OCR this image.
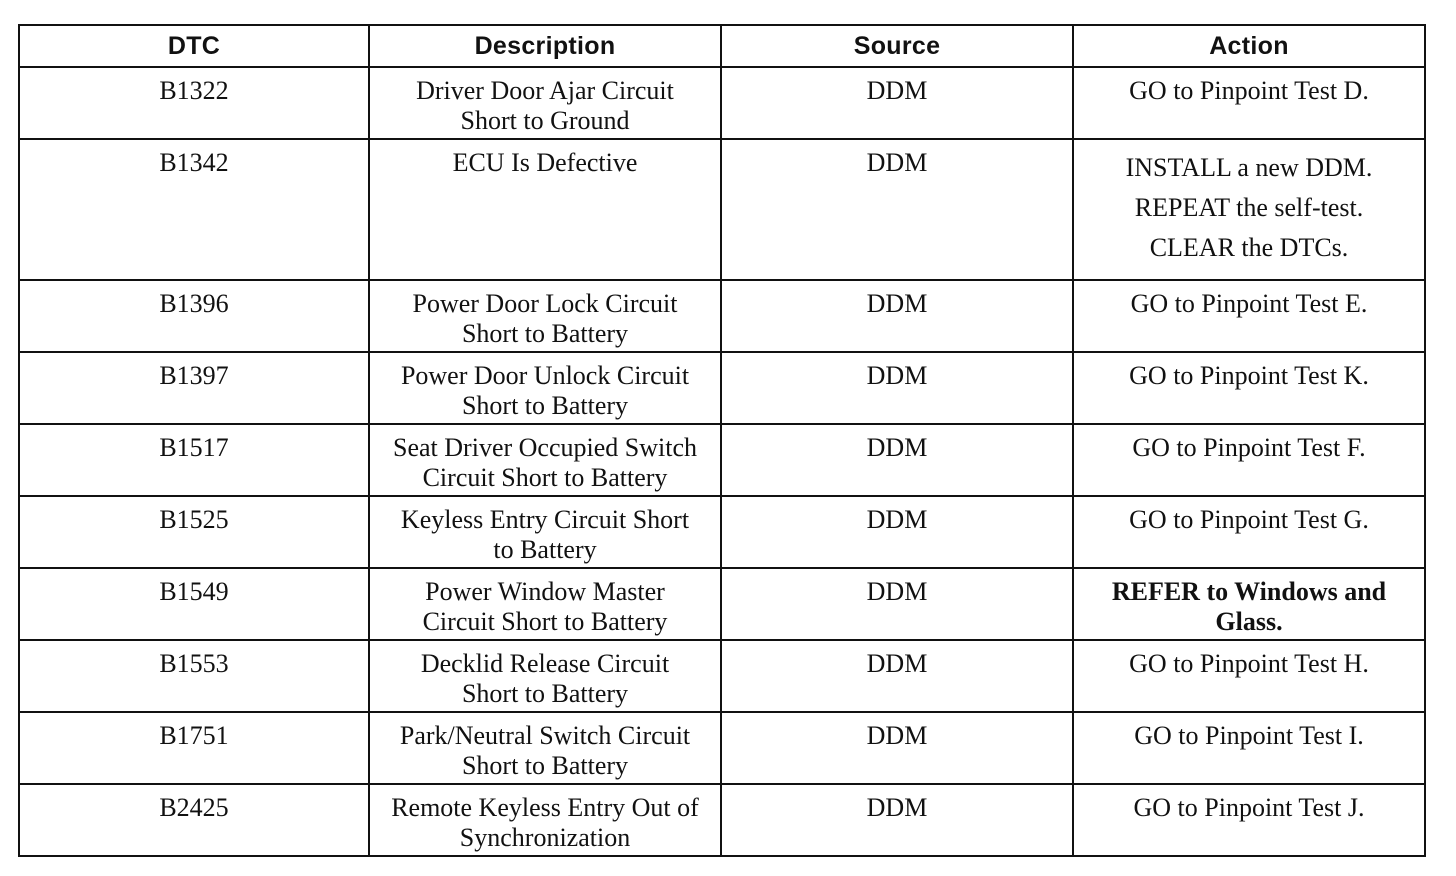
DTC	Description	Source	Action
B1322	Driver Door Ajar Circuit
Short to Ground	DDM	GO to Pinpoint Test D.

B1342	ECU Is Defective	DDM	INSTALL a new DDM.
REPEAT the self-test.
CLEAR the DTCs.

B1396	Power Door Lock Circuit
Short to Battery	DDM	GO to Pinpoint Test E.

B1397	Power Door Unlock Circuit
Short to Battery	DDM	GO to Pinpoint Test K.

B1517	Seat Driver Occupied Switch
Circuit Short to Battery	DDM	GO to Pinpoint Test F.

B1525	Keyless Entry Circuit Short
to Battery	DDM	GO to Pinpoint Test G.

B1549	Power Window Master
Circuit Short to Battery	DDM	REFER to Windows and
Glass.

B1553	Decklid Release Circuit
Short to Battery	DDM	GO to Pinpoint Test H.

B1751	Park/Neutral Switch Circuit
Short to Battery	DDM	GO to Pinpoint Test I.

B2425	Remote Keyless Entry Out of
Synchronization	DDM	GO to Pinpoint Test J.
